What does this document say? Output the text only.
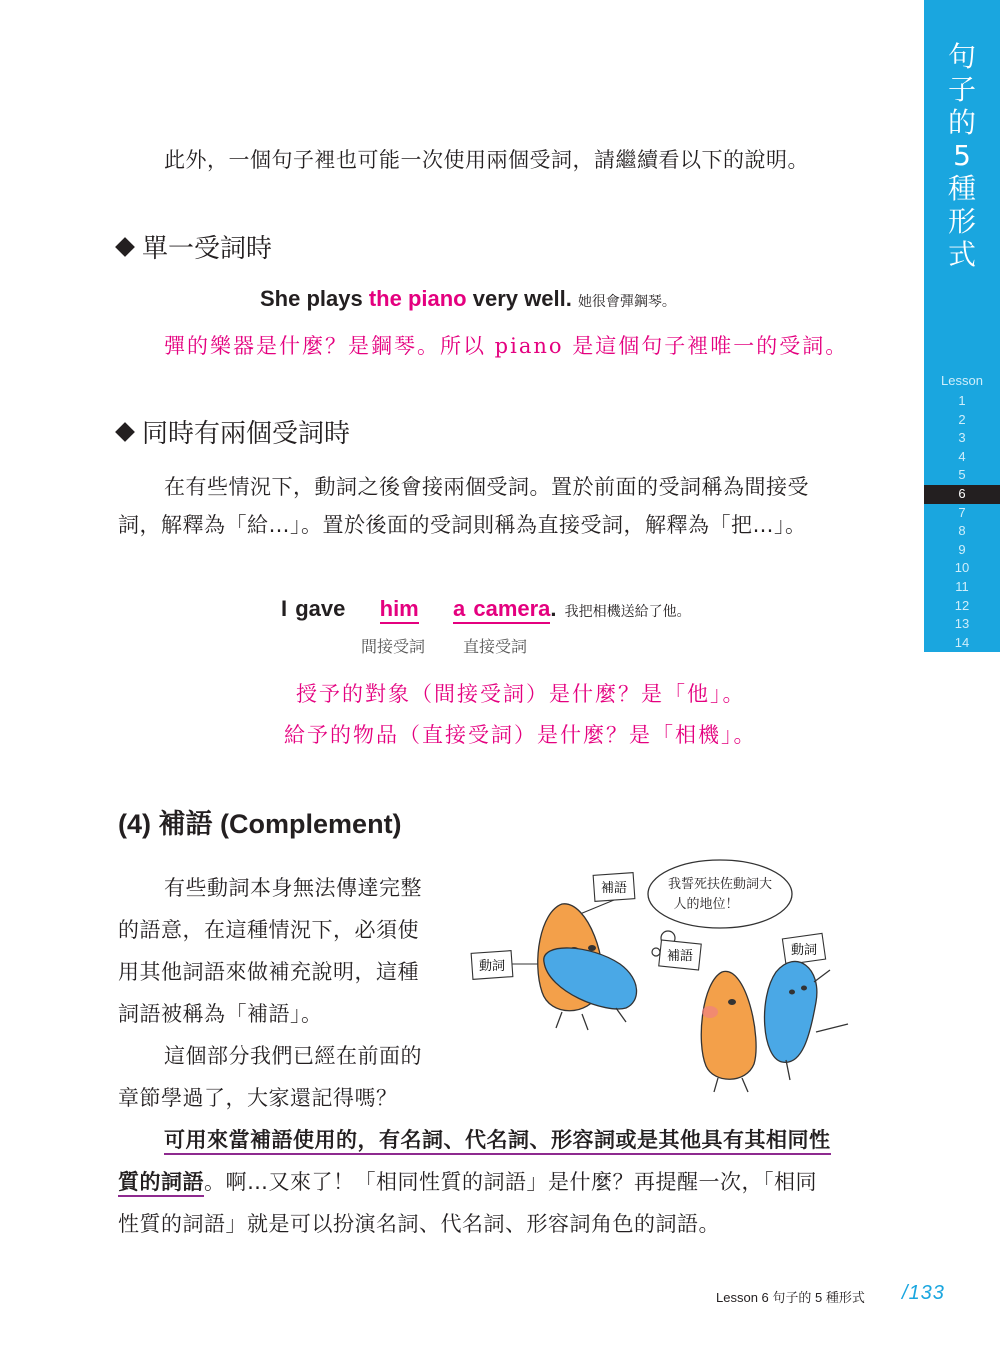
句
子
的
5
種
形
式
Lesson
1
2
3
4
5
6
7
8
9
10
11
12
13
14
此外，一個句子裡也可能一次使用兩個受詞，請繼續看以下的說明。
單一受詞時
She plays the piano very well. 她很會彈鋼琴。
彈的樂器是什麼？是鋼琴。所以 piano 是這個句子裡唯一的受詞。
同時有兩個受詞時
在有些情況下，動詞之後會接兩個受詞。置於前面的受詞稱為間接受
詞，解釋為「給…」。置於後面的受詞則稱為直接受詞，解釋為「把…」。
I gave him a camera. 我把相機送給了他。
間接受詞 直接受詞
授予的對象（間接受詞）是什麼？是「他」。
給予的物品（直接受詞）是什麼？是「相機」。
(4) 補語 (Complement)
有些動詞本身無法傳達完整
的語意，在這種情況下，必須使
用其他詞語來做補充說明，這種
詞語被稱為「補語」。
這個部分我們已經在前面的
章節學過了，大家還記得嗎？
可用來當補語使用的，有名詞、代名詞、形容詞或是其他具有其相同性
質的詞語。啊…又來了！「相同性質的詞語」是什麼？再提醒一次，「相同
性質的詞語」就是可以扮演名詞、代名詞、形容詞角色的詞語。
我誓死扶佐動詞大
人的地位！
補語
動詞
補語	動詞
Lesson 6 句子的 5 種形式 /133
